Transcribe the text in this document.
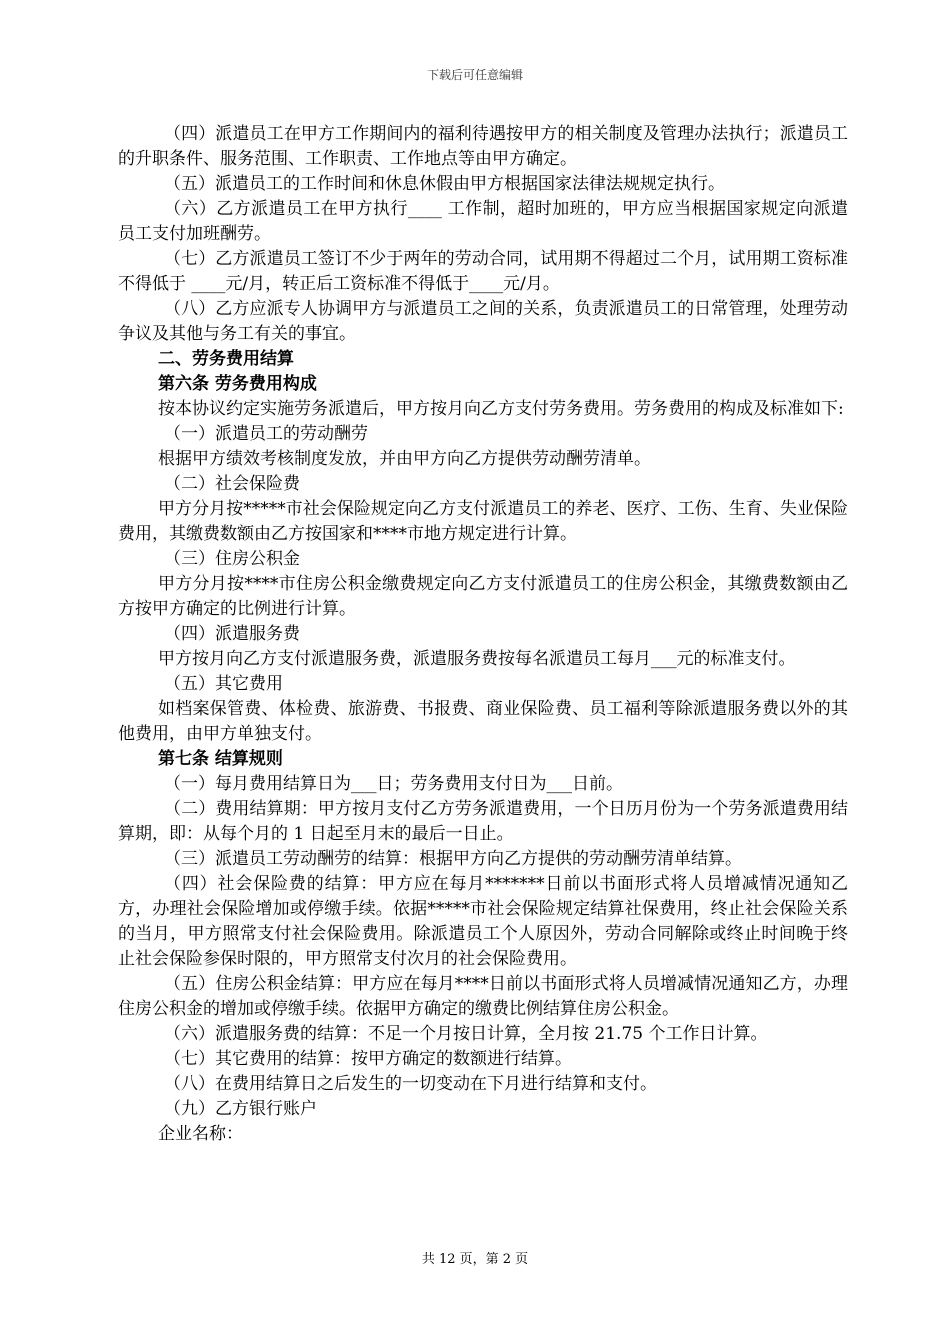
下载后可任意编辑

（四）派遣员工在甲方工作期间内的福利待遇按甲方的相关制度及管理办法执行；派遣员工的升职条件、服务范围、工作职责、工作地点等由甲方确定。

（五）派遣员工的工作时间和休息休假由甲方根据国家法律法规规定执行。

（六）乙方派遣员工在甲方执行____ 工作制，超时加班的，甲方应当根据国家规定向派遣员工支付加班酬劳。

（七）乙方派遣员工签订不少于两年的劳动合同，试用期不得超过二个月，试用期工资标准不得低于 ____元/月，转正后工资标准不得低于____元/月。

（八）乙方应派专人协调甲方与派遣员工之间的关系，负责派遣员工的日常管理，处理劳动争议及其他与务工有关的事宜。

二、劳务费用结算

第六条 劳务费用构成

按本协议约定实施劳务派遣后，甲方按月向乙方支付劳务费用。劳务费用的构成及标准如下:

（一）派遣员工的劳动酬劳

根据甲方绩效考核制度发放，并由甲方向乙方提供劳动酬劳清单。

（二）社会保险费

甲方分月按*****市社会保险规定向乙方支付派遣员工的养老、医疗、工伤、生育、失业保险费用，其缴费数额由乙方按国家和****市地方规定进行计算。

（三）住房公积金

甲方分月按****市住房公积金缴费规定向乙方支付派遣员工的住房公积金，其缴费数额由乙方按甲方确定的比例进行计算。

（四）派遣服务费

甲方按月向乙方支付派遣服务费，派遣服务费按每名派遣员工每月___元的标准支付。

（五）其它费用

如档案保管费、体检费、旅游费、书报费、商业保险费、员工福利等除派遣服务费以外的其他费用，由甲方单独支付。

第七条 结算规则

（一）每月费用结算日为___日；劳务费用支付日为___日前。

（二）费用结算期：甲方按月支付乙方劳务派遣费用，一个日历月份为一个劳务派遣费用结算期，即：从每个月的 1 日起至月末的最后一日止。

（三）派遣员工劳动酬劳的结算：根据甲方向乙方提供的劳动酬劳清单结算。

（四）社会保险费的结算：甲方应在每月*******日前以书面形式将人员增减情况通知乙方，办理社会保险增加或停缴手续。依据*****市社会保险规定结算社保费用，终止社会保险关系的当月，甲方照常支付社会保险费用。除派遣员工个人原因外，劳动合同解除或终止时间晚于终止社会保险参保时限的，甲方照常支付次月的社会保险费用。

（五）住房公积金结算：甲方应在每月****日前以书面形式将人员增减情况通知乙方，办理住房公积金的增加或停缴手续。依据甲方确定的缴费比例结算住房公积金。

（六）派遣服务费的结算：不足一个月按日计算，全月按 21.75 个工作日计算。

（七）其它费用的结算：按甲方确定的数额进行结算。

（八）在费用结算日之后发生的一切变动在下月进行结算和支付。

（九）乙方银行账户

企业名称：

共 12 页，第 2 页
